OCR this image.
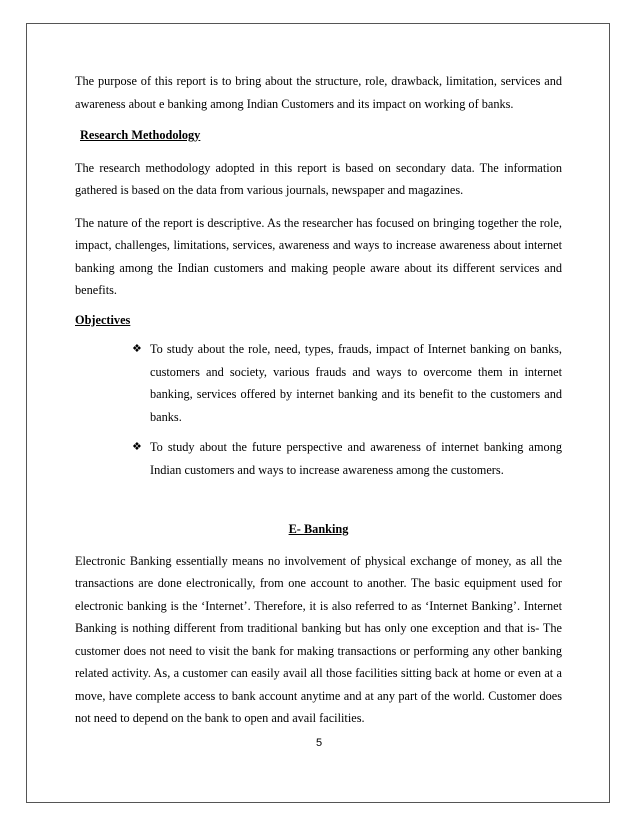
The purpose of this report is to bring about the structure, role, drawback, limitation, services and awareness about e banking among Indian Customers and its impact on working of banks.

Research Methodology

The research methodology adopted in this report is based on secondary data. The information gathered is based on the data from various journals, newspaper and magazines.

The nature of the report is descriptive. As the researcher has focused on bringing together the role, impact, challenges, limitations, services, awareness and ways to increase awareness about internet banking among the Indian customers and making people aware about its different services and benefits.

Objectives

❖ To study about the role, need, types, frauds, impact of Internet banking on banks, customers and society, various frauds and ways to overcome them in internet banking, services offered by internet banking and its benefit to the customers and banks.
❖ To study about the future perspective and awareness of internet banking among Indian customers and ways to increase awareness among the customers.

E- Banking

Electronic Banking essentially means no involvement of physical exchange of money, as all the transactions are done electronically, from one account to another. The basic equipment used for electronic banking is the ‘Internet’. Therefore, it is also referred to as ‘Internet Banking’. Internet Banking is nothing different from traditional banking but has only one exception and that is- The customer does not need to visit the bank for making transactions or performing any other banking related activity. As, a customer can easily avail all those facilities sitting back at home or even at a move, have complete access to bank account anytime and at any part of the world. Customer does not need to depend on the bank to open and avail facilities.

5
